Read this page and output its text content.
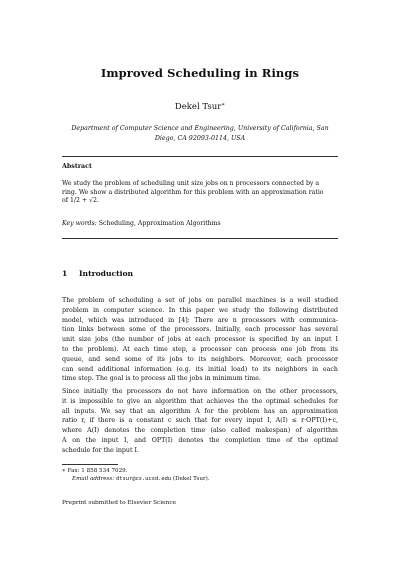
Improved Scheduling in Rings
Dekel Tsur∗
Department of Computer Science and Engineering, University of California, San
Diego, CA 92093-0114, USA
Abstract
We study the problem of scheduling unit size jobs on n processors connected by a
ring. We show a distributed algorithm for this problem with an approximation ratio
of 1/2 + √2.
Key words: Scheduling, Approximation Algorithms
1 Introduction
The problem of scheduling a set of jobs on parallel machines is a well studied
problem in computer science. In this paper we study the following distributed
model, which was introduced in [4]: There are n processors with communica-
tion links between some of the processors. Initially, each processor has several
unit size jobs (the number of jobs at each processor is specified by an input I
to the problem). At each time step, a processor can process one job from its
queue, and send some of its jobs to its neighbors. Moreover, each processor
can send additional information (e.g. its initial load) to its neighbors in each
time step. The goal is to process all the jobs in minimum time.
Since initially the processors do not have information on the other processors,
it is impossible to give an algorithm that achieves the the optimal schedules for
all inputs. We say that an algorithm A for the problem has an approximation
ratio r, if there is a constant c such that for every input I, A(I) ≤ r·OPT(I)+c,
where A(I) denotes the completion time (also called makespan) of algorithm
A on the input I, and OPT(I) denotes the completion time of the optimal
schedule for the input I.
∗ Fax: 1 858 534 7029.
Email address: dtsur@cs.ucsd.edu (Dekel Tsur).
Preprint submitted to Elsevier Science
